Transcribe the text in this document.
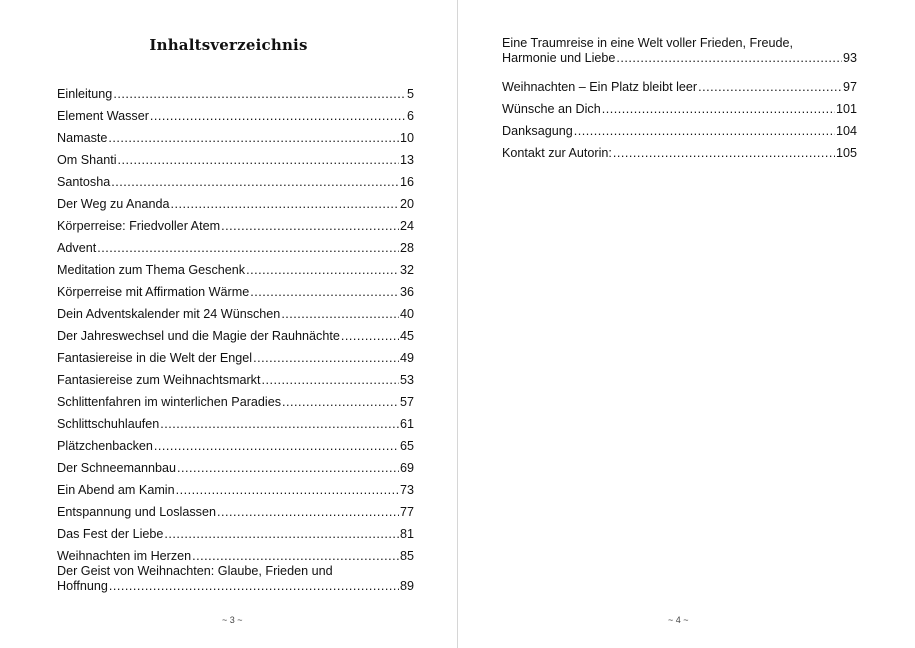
Inhaltsverzeichnis
Einleitung .....	5
Element Wasser .....	6
Namaste .....	10
Om Shanti .....	13
Santosha .....	16
Der Weg zu Ananda .....	20
Körperreise: Friedvoller Atem .....	24
Advent .....	28
Meditation zum Thema Geschenk .....	32
Körperreise mit Affirmation Wärme .....	36
Dein Adventskalender mit 24 Wünschen .....	40
Der Jahreswechsel und die Magie der Rauhnächte .....	45
Fantasiereise in die Welt der Engel .....	49
Fantasiereise zum Weihnachtsmarkt .....	53
Schlittenfahren im winterlichen Paradies .....	57
Schlittschuhlaufen .....	61
Plätzchenbacken .....	65
Der Schneemannbau .....	69
Ein Abend am Kamin .....	73
Entspannung und Loslassen .....	77
Das Fest der Liebe .....	81
Weihnachten im Herzen .....	85
Der Geist von Weihnachten: Glaube, Frieden und
Hoffnung .....	89
~ 3 ~
Eine Traumreise in eine Welt voller Frieden, Freude,
Harmonie und Liebe .....	93
Weihnachten – Ein Platz bleibt leer .....	97
Wünsche an Dich .....	101
Danksagung .....	104
Kontakt zur Autorin: .....	105
~ 4 ~
